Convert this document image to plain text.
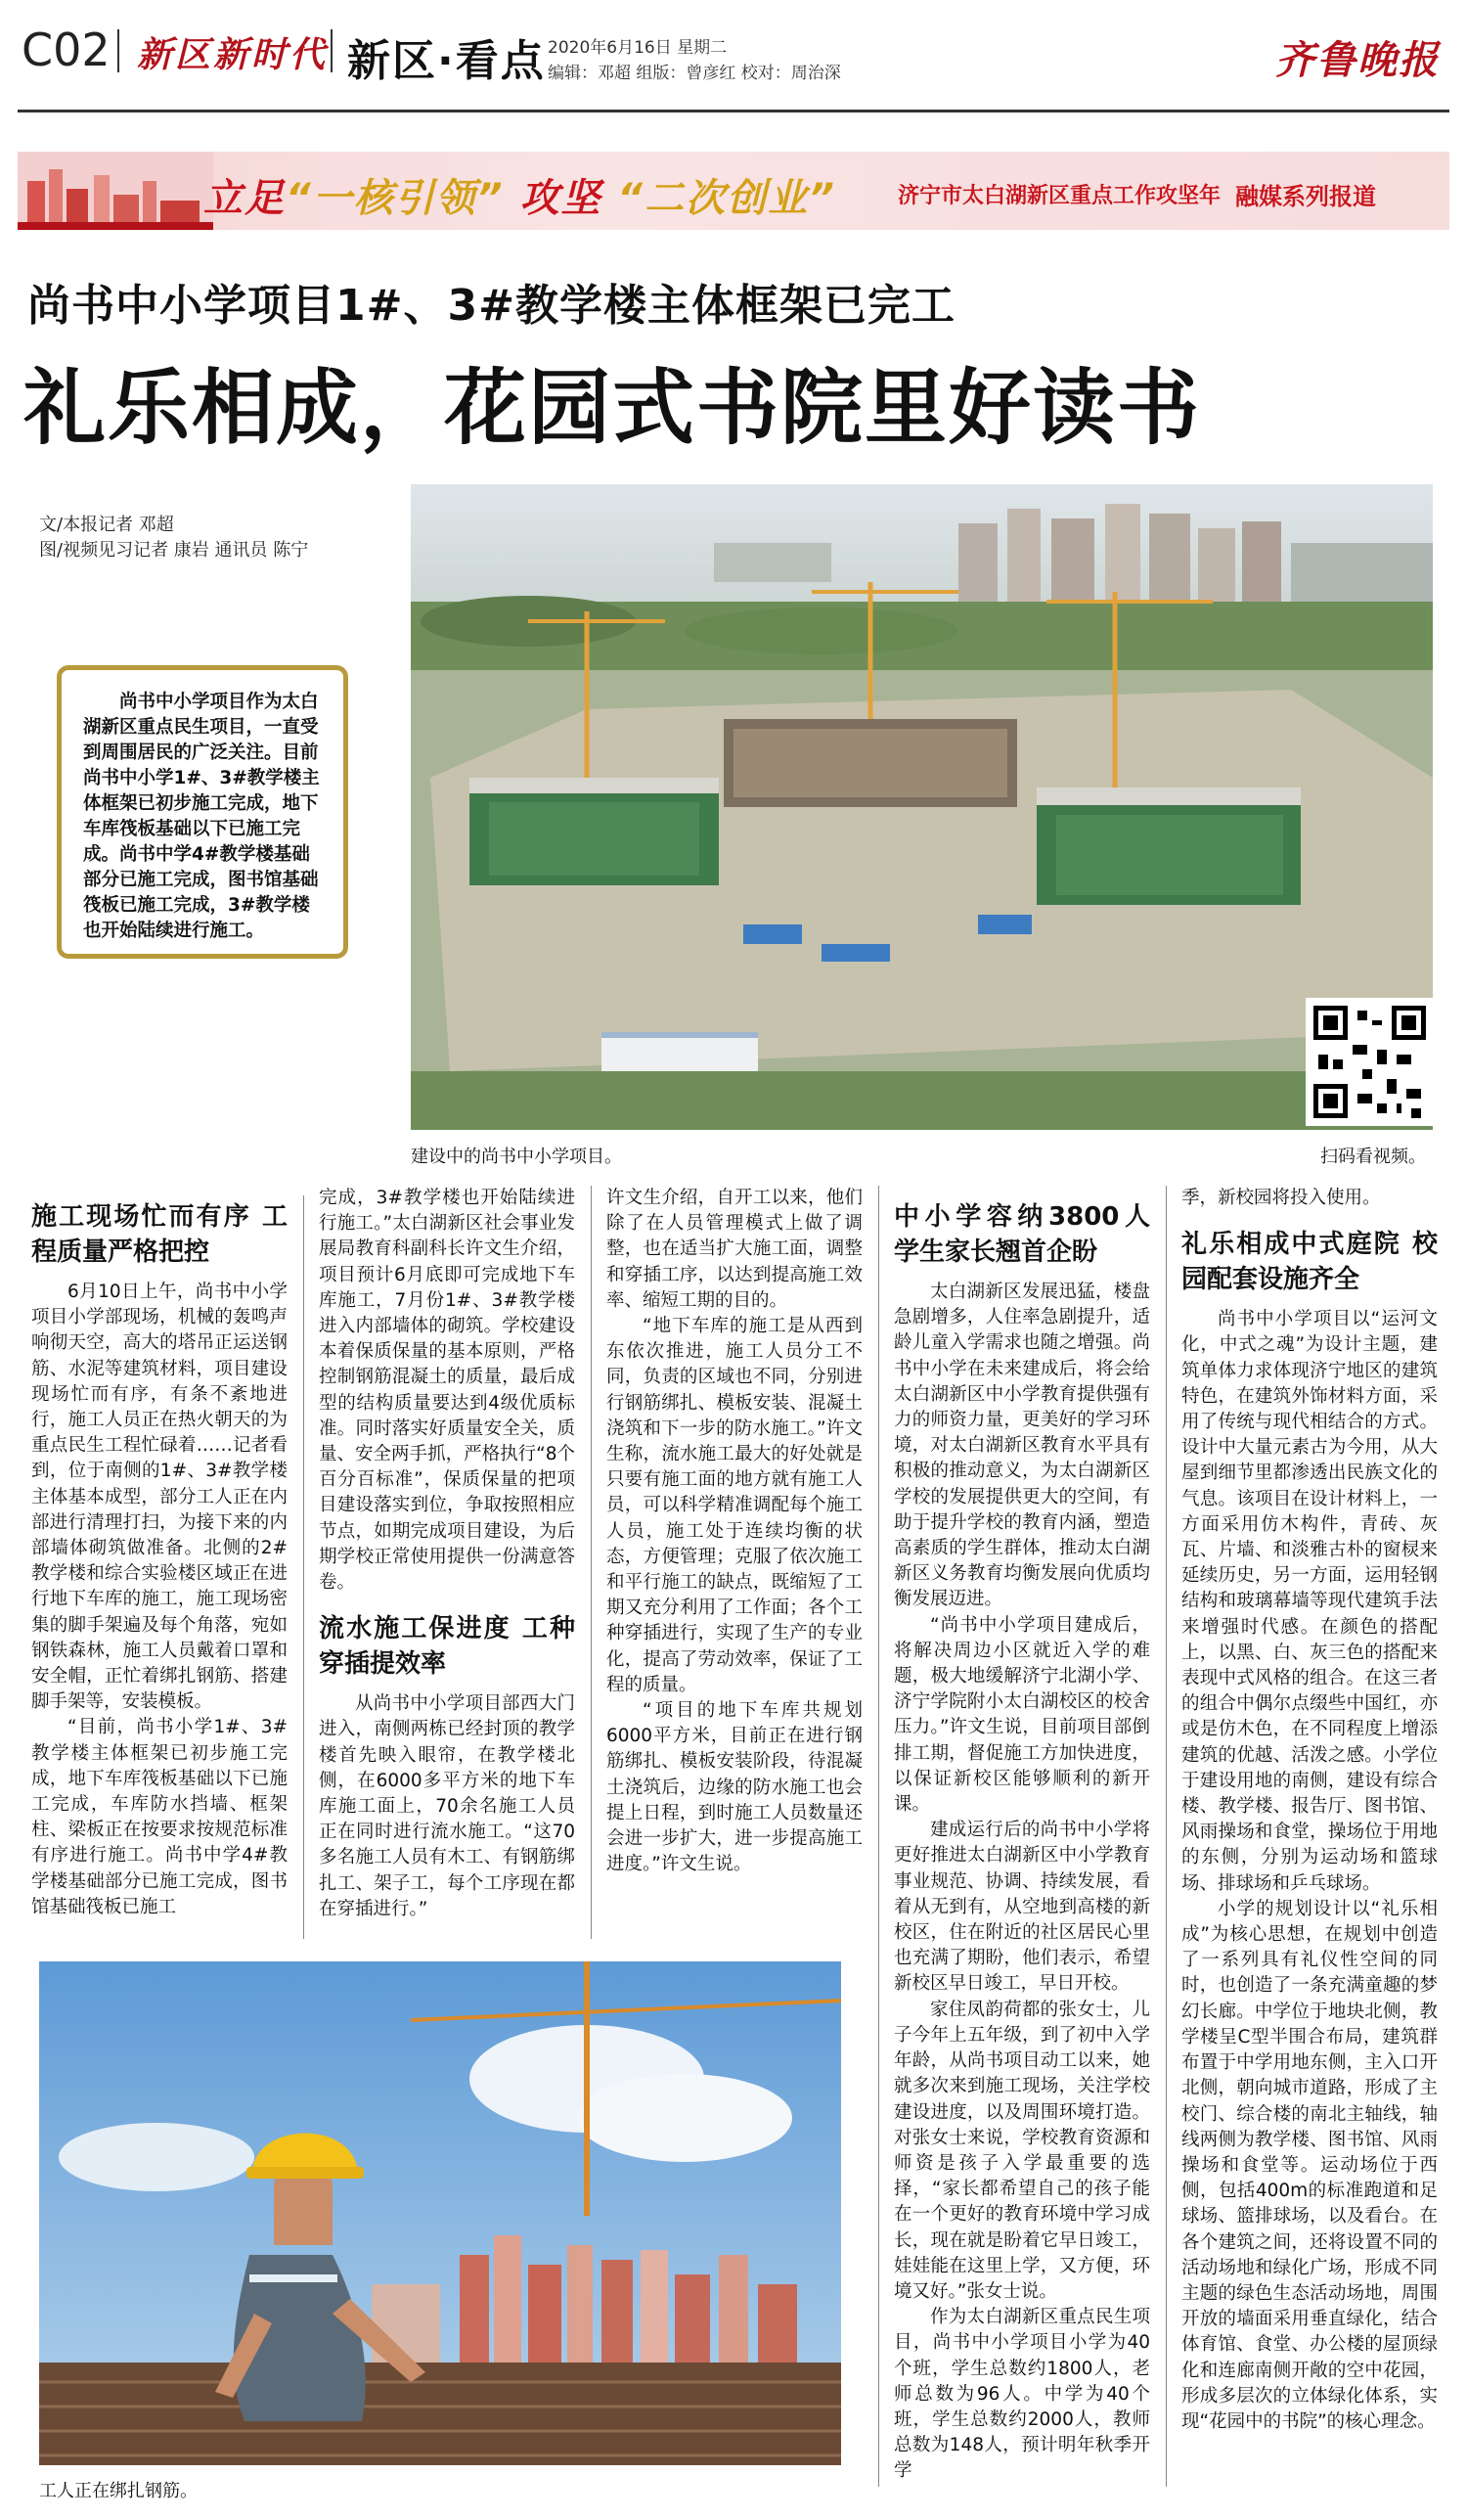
C02 新区新时代 新区·看点 2020年6月16日 星期二
编辑：邓超 组版：曾彦红 校对：周治深	齐鲁晚报
立足“一核引领” 攻坚 “二次创业”	济宁市太白湖新区重点工作攻坚年 融媒系列报道
尚书中小学项目1#、3#教学楼主体框架已完工
礼乐相成，花园式书院里好读书
文/本报记者 邓超
图/视频见习记者 康岩 通讯员 陈宁

尚书中小学项目作为太白湖新区重点民生项目，一直受到周围居民的广泛关注。目前尚书中小学1#、3#教学楼主体框架已初步施工完成，地下车库筏板基础以下已施工完成。尚书中学4#教学楼基础部分已施工完成，图书馆基础筏板已施工完成，3#教学楼也开始陆续进行施工。

建设中的尚书中小学项目。	扫码看视频。
施工现场忙而有序 工程质量严格把控

6月10日上午，尚书中小学项目小学部现场，机械的轰鸣声响彻天空，高大的塔吊正运送钢筋、水泥等建筑材料，项目建设现场忙而有序，有条不紊地进行，施工人员正在热火朝天的为重点民生工程忙碌着……记者看到，位于南侧的1#、3#教学楼主体基本成型，部分工人正在内部进行清理打扫，为接下来的内部墙体砌筑做准备。北侧的2#教学楼和综合实验楼区域正在进行地下车库的施工，施工现场密集的脚手架遍及每个角落，宛如钢铁森林，施工人员戴着口罩和安全帽，正忙着绑扎钢筋、搭建脚手架等，安装模板。

“目前，尚书小学1#、3#教学楼主体框架已初步施工完成，地下车库筏板基础以下已施工完成，车库防水挡墙、框架柱、梁板正在按要求按规范标准有序进行施工。尚书中学4#教学楼基础部分已施工完成，图书馆基础筏板已施工

完成，3#教学楼也开始陆续进行施工。”太白湖新区社会事业发展局教育科副科长许文生介绍，项目预计6月底即可完成地下车库施工，7月份1#、3#教学楼进入内部墙体的砌筑。学校建设本着保质保量的基本原则，严格控制钢筋混凝土的质量，最后成型的结构质量要达到4级优质标准。同时落实好质量安全关，质量、安全两手抓，严格执行“8个百分百标准”，保质保量的把项目建设落实到位，争取按照相应节点，如期完成项目建设，为后期学校正常使用提供一份满意答卷。

流水施工保进度 工种穿插提效率

从尚书中小学项目部西大门进入，南侧两栋已经封顶的教学楼首先映入眼帘，在教学楼北侧，在6000多平方米的地下车库施工面上，70余名施工人员正在同时进行流水施工。“这70多名施工人员有木工、有钢筋绑扎工、架子工，每个工序现在都在穿插进行。”

许文生介绍，自开工以来，他们除了在人员管理模式上做了调整，也在适当扩大施工面，调整和穿插工序，以达到提高施工效率、缩短工期的目的。

“地下车库的施工是从西到东依次推进，施工人员分工不同，负责的区域也不同，分别进行钢筋绑扎、模板安装、混凝土浇筑和下一步的防水施工。”许文生称，流水施工最大的好处就是只要有施工面的地方就有施工人员，可以科学精准调配每个施工人员，施工处于连续均衡的状态，方便管理；克服了依次施工和平行施工的缺点，既缩短了工期又充分利用了工作面；各个工种穿插进行，实现了生产的专业化，提高了劳动效率，保证了工程的质量。

“项目的地下车库共规划6000平方米，目前正在进行钢筋绑扎、模板安装阶段，待混凝土浇筑后，边缘的防水施工也会提上日程，到时施工人员数量还会进一步扩大，进一步提高施工进度。”许文生说。

中小学容纳3800人 学生家长翘首企盼

太白湖新区发展迅猛，楼盘急剧增多，人住率急剧提升，适龄儿童入学需求也随之增强。尚书中小学在未来建成后，将会给太白湖新区中小学教育提供强有力的师资力量，更美好的学习环境，对太白湖新区教育水平具有积极的推动意义，为太白湖新区学校的发展提供更大的空间，有助于提升学校的教育内涵，塑造高素质的学生群体，推动太白湖新区义务教育均衡发展向优质均衡发展迈进。

“尚书中小学项目建成后，将解决周边小区就近入学的难题，极大地缓解济宁北湖小学、济宁学院附小太白湖校区的校舍压力。”许文生说，目前项目部倒排工期，督促施工方加快进度，以保证新校区能够顺利的新开课。

建成运行后的尚书中小学将更好推进太白湖新区中小学教育事业规范、协调、持续发展，看着从无到有，从空地到高楼的新校区，住在附近的社区居民心里也充满了期盼，他们表示，希望新校区早日竣工，早日开校。

家住凤韵荷都的张女士，儿子今年上五年级，到了初中入学年龄，从尚书项目动工以来，她就多次来到施工现场，关注学校建设进度，以及周围环境打造。对张女士来说，学校教育资源和师资是孩子入学最重要的选择，“家长都希望自己的孩子能在一个更好的教育环境中学习成长，现在就是盼着它早日竣工，娃娃能在这里上学，又方便，环境又好。”张女士说。

作为太白湖新区重点民生项目，尚书中小学项目小学为40个班，学生总数约1800人，老师总数为96人。中学为40个班，学生总数约2000人，教师总数为148人，预计明年秋季开学

季，新校园将投入使用。

礼乐相成中式庭院 校园配套设施齐全

尚书中小学项目以“运河文化，中式之魂”为设计主题，建筑单体力求体现济宁地区的建筑特色，在建筑外饰材料方面，采用了传统与现代相结合的方式。设计中大量元素古为今用，从大屋到细节里都渗透出民族文化的气息。该项目在设计材料上，一方面采用仿木构件，青砖、灰瓦、片墙、和淡雅古朴的窗棂来延续历史，另一方面，运用轻钢结构和玻璃幕墙等现代建筑手法来增强时代感。在颜色的搭配上，以黑、白、灰三色的搭配来表现中式风格的组合。在这三者的组合中偶尔点缀些中国红，亦或是仿木色，在不同程度上增添建筑的优越、活泼之感。小学位于建设用地的南侧，建设有综合楼、教学楼、报告厅、图书馆、风雨操场和食堂，操场位于用地的东侧，分别为运动场和篮球场、排球场和乒乓球场。

小学的规划设计以“礼乐相成”为核心思想，在规划中创造了一系列具有礼仪性空间的同时，也创造了一条充满童趣的梦幻长廊。中学位于地块北侧，教学楼呈C型半围合布局，建筑群布置于中学用地东侧，主入口开北侧，朝向城市道路，形成了主校门、综合楼的南北主轴线，轴线两侧为教学楼、图书馆、风雨操场和食堂等。运动场位于西侧，包括400m的标准跑道和足球场、篮排球场，以及看台。在各个建筑之间，还将设置不同的活动场地和绿化广场，形成不同主题的绿色生态活动场地，周围开放的墙面采用垂直绿化，结合体育馆、食堂、办公楼的屋顶绿化和连廊南侧开敞的空中花园，形成多层次的立体绿化体系，实现“花园中的书院”的核心理念。

工人正在绑扎钢筋。
